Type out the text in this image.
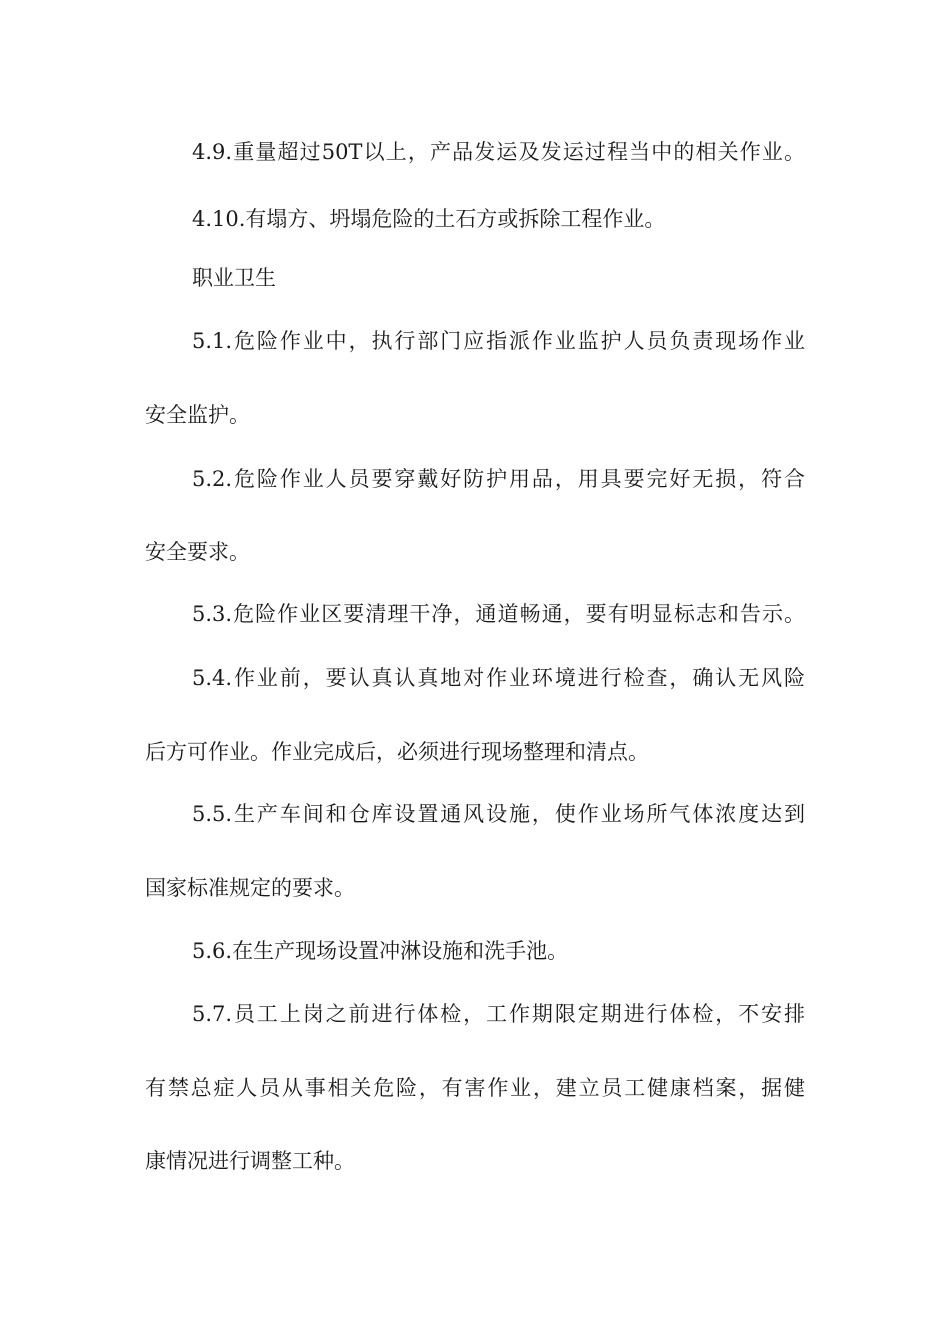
4.9.重量超过50T以上，产品发运及发运过程当中的相关作业。

4.10.有塌方、坍塌危险的土石方或拆除工程作业。

职业卫生

5.1.危险作业中，执行部门应指派作业监护人员负责现场作业

安全监护。

5.2.危险作业人员要穿戴好防护用品，用具要完好无损，符合

安全要求。

5.3.危险作业区要清理干净，通道畅通，要有明显标志和告示。

5.4.作业前，要认真认真地对作业环境进行检查，确认无风险

后方可作业。作业完成后，必须进行现场整理和清点。

5.5.生产车间和仓库设置通风设施，使作业场所气体浓度达到

国家标准规定的要求。

5.6.在生产现场设置冲淋设施和洗手池。

5.7.员工上岗之前进行体检，工作期限定期进行体检，不安排

有禁总症人员从事相关危险，有害作业，建立员工健康档案，据健

康情况进行调整工种。
